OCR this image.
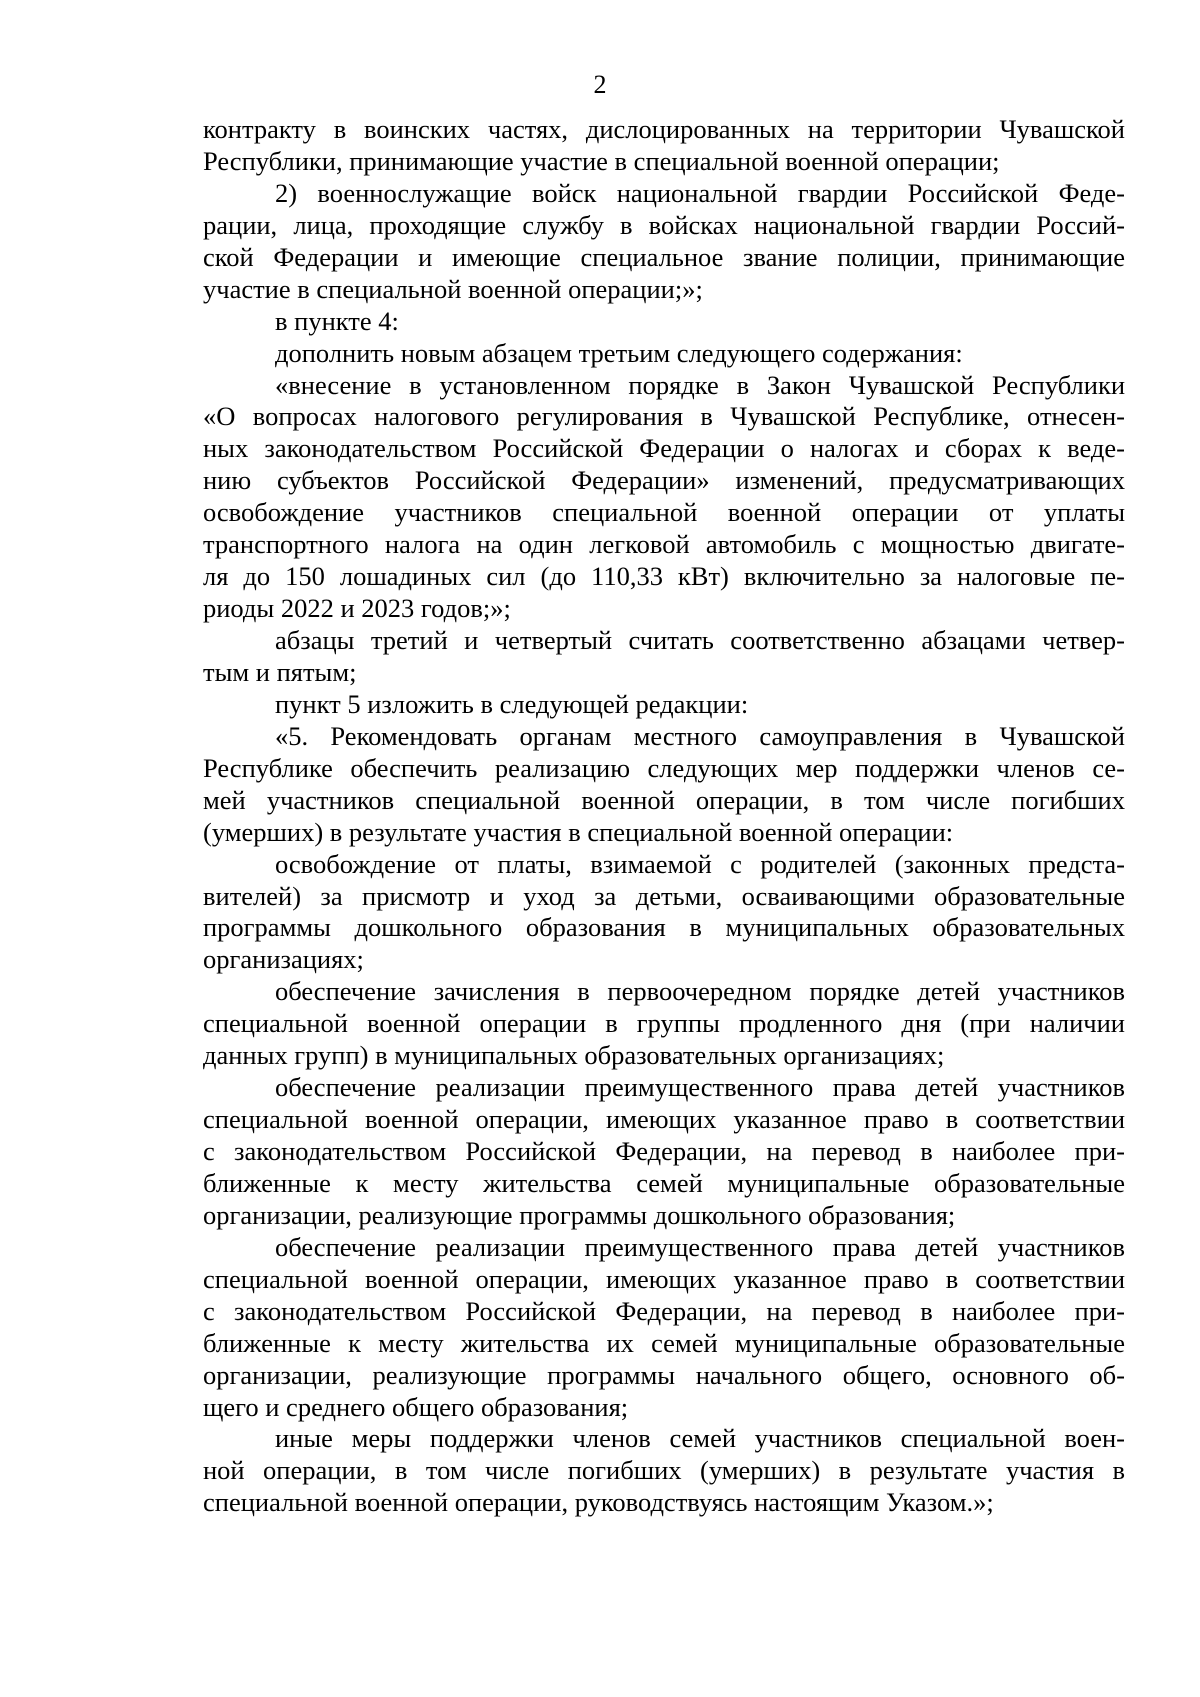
2
контракту в воинских частях, дислоцированных на территории Чувашской
Республики, принимающие участие в специальной военной операции;
2) военнослужащие войск национальной гвардии Российской Феде-
рации, лица, проходящие службу в войсках национальной гвардии Россий-
ской Федерации и имеющие специальное звание полиции, принимающие
участие в специальной военной операции;»;
в пункте 4:
дополнить новым абзацем третьим следующего содержания:
«внесение в установленном порядке в Закон Чувашской Республики
«О вопросах налогового регулирования в Чувашской Республике, отнесен-
ных законодательством Российской Федерации о налогах и сборах к веде-
нию субъектов Российской Федерации» изменений, предусматривающих
освобождение участников специальной военной операции от уплаты
транспортного налога на один легковой автомобиль с мощностью двигате-
ля до 150 лошадиных сил (до 110,33 кВт) включительно за налоговые пе-
риоды 2022 и 2023 годов;»;
абзацы третий и четвертый считать соответственно абзацами четвер-
тым и пятым;
пункт 5 изложить в следующей редакции:
«5. Рекомендовать органам местного самоуправления в Чувашской
Республике обеспечить реализацию следующих мер поддержки членов се-
мей участников специальной военной операции, в том числе погибших
(умерших) в результате участия в специальной военной операции:
освобождение от платы, взимаемой с родителей (законных предста-
вителей) за присмотр и уход за детьми, осваивающими образовательные
программы дошкольного образования в муниципальных образовательных
организациях;
обеспечение зачисления в первоочередном порядке детей участников
специальной военной операции в группы продленного дня (при наличии
данных групп) в муниципальных образовательных организациях;
обеспечение реализации преимущественного права детей участников
специальной военной операции, имеющих указанное право в соответствии
с законодательством Российской Федерации, на перевод в наиболее при-
ближенные к месту жительства семей муниципальные образовательные
организации, реализующие программы дошкольного образования;
обеспечение реализации преимущественного права детей участников
специальной военной операции, имеющих указанное право в соответствии
с законодательством Российской Федерации, на перевод в наиболее при-
ближенные к месту жительства их семей муниципальные образовательные
организации, реализующие программы начального общего, основного об-
щего и среднего общего образования;
иные меры поддержки членов семей участников специальной воен-
ной операции, в том числе погибших (умерших) в результате участия в
специальной военной операции, руководствуясь настоящим Указом.»;
